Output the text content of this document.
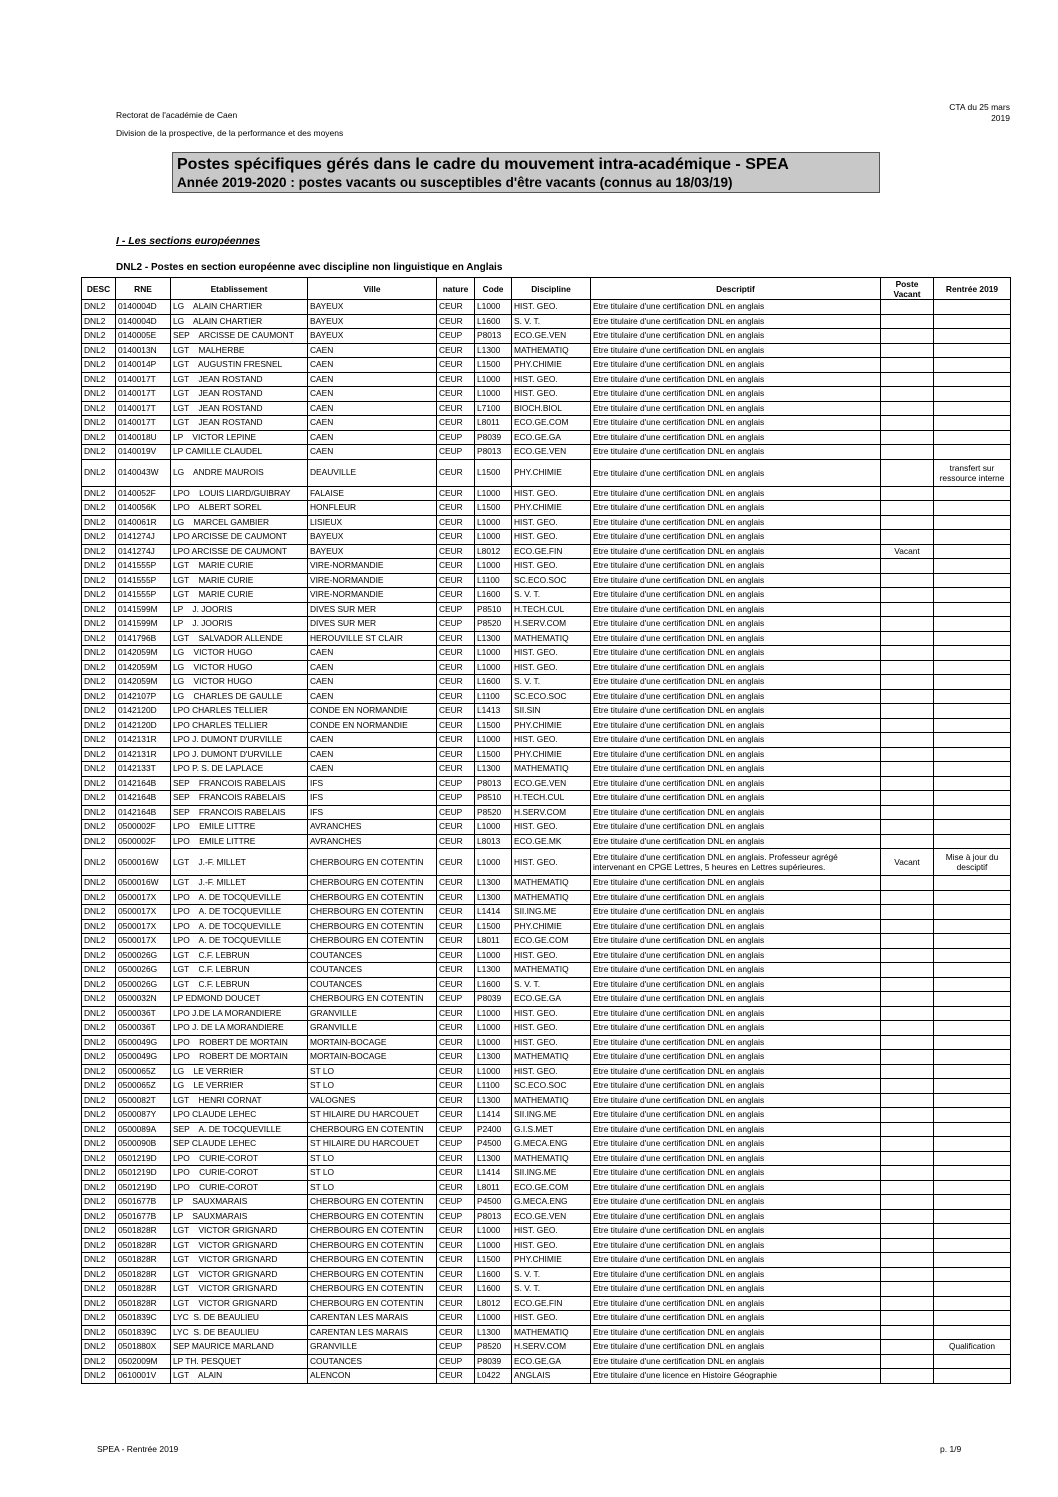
Rectorat de l'académie de Caen
Division de la prospective, de la performance et des moyens
CTA du 25 mars
2019
Postes spécifiques gérés dans le cadre du mouvement intra-académique - SPEA
Année 2019-2020 : postes vacants ou susceptibles d'être vacants (connus au 18/03/19)
I - Les sections européennes
DNL2 - Postes en section européenne avec discipline non linguistique en Anglais
DESC	RNE	Etablissement	Ville	nature	Code	Discipline	Descriptif	Poste Vacant	Rentrée 2019
DNL2	0140004D	LG    ALAIN CHARTIER	BAYEUX	CEUR	L1000	HIST. GEO.	Etre titulaire d'une certification DNL en anglais		
DNL2	0140004D	LG    ALAIN CHARTIER	BAYEUX	CEUR	L1600	S. V. T.	Etre titulaire d'une certification DNL en anglais		
DNL2	0140005E	SEP    ARCISSE DE CAUMONT	BAYEUX	CEUP	P8013	ECO.GE.VEN	Etre titulaire d'une certification DNL en anglais		
DNL2	0140013N	LGT    MALHERBE	CAEN	CEUR	L1300	MATHEMATIQ	Etre titulaire d'une certification DNL en anglais		
DNL2	0140014P	LGT    AUGUSTIN FRESNEL	CAEN	CEUR	L1500	PHY.CHIMIE	Etre titulaire d'une certification DNL en anglais		
DNL2	0140017T	LGT    JEAN ROSTAND	CAEN	CEUR	L1000	HIST. GEO.	Etre titulaire d'une certification DNL en anglais		
DNL2	0140017T	LGT    JEAN ROSTAND	CAEN	CEUR	L1000	HIST. GEO.	Etre titulaire d'une certification DNL en anglais		
DNL2	0140017T	LGT    JEAN ROSTAND	CAEN	CEUR	L7100	BIOCH.BIOL	Etre titulaire d'une certification DNL en anglais		
DNL2	0140017T	LGT    JEAN ROSTAND	CAEN	CEUR	L8011	ECO.GE.COM	Etre titulaire d'une certification DNL en anglais		
DNL2	0140018U	LP    VICTOR LEPINE	CAEN	CEUP	P8039	ECO.GE.GA	Etre titulaire d'une certification DNL en anglais		
DNL2	0140019V	LP CAMILLE CLAUDEL	CAEN	CEUP	P8013	ECO.GE.VEN	Etre titulaire d'une certification DNL en anglais		
DNL2	0140043W	LG    ANDRE MAUROIS	DEAUVILLE	CEUR	L1500	PHY.CHIMIE	Etre titulaire d'une certification DNL en anglais		transfert sur ressource interne
DNL2	0140052F	LPO    LOUIS LIARD/GUIBRAY	FALAISE	CEUR	L1000	HIST. GEO.	Etre titulaire d'une certification DNL en anglais		
DNL2	0140056K	LPO    ALBERT SOREL	HONFLEUR	CEUR	L1500	PHY.CHIMIE	Etre titulaire d'une certification DNL en anglais		
DNL2	0140061R	LG    MARCEL GAMBIER	LISIEUX	CEUR	L1000	HIST. GEO.	Etre titulaire d'une certification DNL en anglais		
DNL2	0141274J	LPO ARCISSE DE CAUMONT	BAYEUX	CEUR	L1000	HIST. GEO.	Etre titulaire d'une certification DNL en anglais		
DNL2	0141274J	LPO ARCISSE DE CAUMONT	BAYEUX	CEUR	L8012	ECO.GE.FIN	Etre titulaire d'une certification DNL en anglais	Vacant	
DNL2	0141555P	LGT    MARIE CURIE	VIRE-NORMANDIE	CEUR	L1000	HIST. GEO.	Etre titulaire d'une certification DNL en anglais		
DNL2	0141555P	LGT    MARIE CURIE	VIRE-NORMANDIE	CEUR	L1100	SC.ECO.SOC	Etre titulaire d'une certification DNL en anglais		
DNL2	0141555P	LGT    MARIE CURIE	VIRE-NORMANDIE	CEUR	L1600	S. V. T.	Etre titulaire d'une certification DNL en anglais		
DNL2	0141599M	LP    J. JOORIS	DIVES SUR MER	CEUP	P8510	H.TECH.CUL	Etre titulaire d'une certification DNL en anglais		
DNL2	0141599M	LP    J. JOORIS	DIVES SUR MER	CEUP	P8520	H.SERV.COM	Etre titulaire d'une certification DNL en anglais		
DNL2	0141796B	LGT    SALVADOR ALLENDE	HEROUVILLE ST CLAIR	CEUR	L1300	MATHEMATIQ	Etre titulaire d'une certification DNL en anglais		
DNL2	0142059M	LG    VICTOR HUGO	CAEN	CEUR	L1000	HIST. GEO.	Etre titulaire d'une certification DNL en anglais		
DNL2	0142059M	LG    VICTOR HUGO	CAEN	CEUR	L1000	HIST. GEO.	Etre titulaire d'une certification DNL en anglais		
DNL2	0142059M	LG    VICTOR HUGO	CAEN	CEUR	L1600	S. V. T.	Etre titulaire d'une certification DNL en anglais		
DNL2	0142107P	LG    CHARLES DE GAULLE	CAEN	CEUR	L1100	SC.ECO.SOC	Etre titulaire d'une certification DNL en anglais		
DNL2	0142120D	LPO CHARLES TELLIER	CONDE EN NORMANDIE	CEUR	L1413	SII.SIN	Etre titulaire d'une certification DNL en anglais		
DNL2	0142120D	LPO CHARLES TELLIER	CONDE EN NORMANDIE	CEUR	L1500	PHY.CHIMIE	Etre titulaire d'une certification DNL en anglais		
DNL2	0142131R	LPO J. DUMONT D'URVILLE	CAEN	CEUR	L1000	HIST. GEO.	Etre titulaire d'une certification DNL en anglais		
DNL2	0142131R	LPO J. DUMONT D'URVILLE	CAEN	CEUR	L1500	PHY.CHIMIE	Etre titulaire d'une certification DNL en anglais		
DNL2	0142133T	LPO P. S. DE LAPLACE	CAEN	CEUR	L1300	MATHEMATIQ	Etre titulaire d'une certification DNL en anglais		
DNL2	0142164B	SEP    FRANCOIS RABELAIS	IFS	CEUP	P8013	ECO.GE.VEN	Etre titulaire d'une certification DNL en anglais		
DNL2	0142164B	SEP    FRANCOIS RABELAIS	IFS	CEUP	P8510	H.TECH.CUL	Etre titulaire d'une certification DNL en anglais		
DNL2	0142164B	SEP    FRANCOIS RABELAIS	IFS	CEUP	P8520	H.SERV.COM	Etre titulaire d'une certification DNL en anglais		
DNL2	0500002F	LPO    EMILE LITTRE	AVRANCHES	CEUR	L1000	HIST. GEO.	Etre titulaire d'une certification DNL en anglais		
DNL2	0500002F	LPO    EMILE LITTRE	AVRANCHES	CEUR	L8013	ECO.GE.MK	Etre titulaire d'une certification DNL en anglais		
DNL2	0500016W	LGT    J.-F. MILLET	CHERBOURG EN COTENTIN	CEUR	L1000	HIST. GEO.	Etre titulaire d'une certification DNL en anglais. Professeur agrégé intervenant en CPGE Lettres, 5 heures en Lettres supérieures.	Vacant	Mise à jour du desciptif
DNL2	0500016W	LGT    J.-F. MILLET	CHERBOURG EN COTENTIN	CEUR	L1300	MATHEMATIQ	Etre titulaire d'une certification DNL en anglais		
DNL2	0500017X	LPO    A. DE TOCQUEVILLE	CHERBOURG EN COTENTIN	CEUR	L1300	MATHEMATIQ	Etre titulaire d'une certification DNL en anglais		
DNL2	0500017X	LPO    A. DE TOCQUEVILLE	CHERBOURG EN COTENTIN	CEUR	L1414	SII.ING.ME	Etre titulaire d'une certification DNL en anglais		
DNL2	0500017X	LPO    A. DE TOCQUEVILLE	CHERBOURG EN COTENTIN	CEUR	L1500	PHY.CHIMIE	Etre titulaire d'une certification DNL en anglais		
DNL2	0500017X	LPO    A. DE TOCQUEVILLE	CHERBOURG EN COTENTIN	CEUR	L8011	ECO.GE.COM	Etre titulaire d'une certification DNL en anglais		
DNL2	0500026G	LGT    C.F. LEBRUN	COUTANCES	CEUR	L1000	HIST. GEO.	Etre titulaire d'une certification DNL en anglais		
DNL2	0500026G	LGT    C.F. LEBRUN	COUTANCES	CEUR	L1300	MATHEMATIQ	Etre titulaire d'une certification DNL en anglais		
DNL2	0500026G	LGT    C.F. LEBRUN	COUTANCES	CEUR	L1600	S. V. T.	Etre titulaire d'une certification DNL en anglais		
DNL2	0500032N	LP EDMOND DOUCET	CHERBOURG EN COTENTIN	CEUP	P8039	ECO.GE.GA	Etre titulaire d'une certification DNL en anglais		
DNL2	0500036T	LPO J.DE LA MORANDIERE	GRANVILLE	CEUR	L1000	HIST. GEO.	Etre titulaire d'une certification DNL en anglais		
DNL2	0500036T	LPO J. DE LA MORANDIERE	GRANVILLE	CEUR	L1000	HIST. GEO.	Etre titulaire d'une certification DNL en anglais		
DNL2	0500049G	LPO    ROBERT DE MORTAIN	MORTAIN-BOCAGE	CEUR	L1000	HIST. GEO.	Etre titulaire d'une certification DNL en anglais		
DNL2	0500049G	LPO    ROBERT DE MORTAIN	MORTAIN-BOCAGE	CEUR	L1300	MATHEMATIQ	Etre titulaire d'une certification DNL en anglais		
DNL2	0500065Z	LG    LE VERRIER	ST LO	CEUR	L1000	HIST. GEO.	Etre titulaire d'une certification DNL en anglais		
DNL2	0500065Z	LG    LE VERRIER	ST LO	CEUR	L1100	SC.ECO.SOC	Etre titulaire d'une certification DNL en anglais		
DNL2	0500082T	LGT    HENRI CORNAT	VALOGNES	CEUR	L1300	MATHEMATIQ	Etre titulaire d'une certification DNL en anglais		
DNL2	0500087Y	LPO CLAUDE LEHEC	ST HILAIRE DU HARCOUET	CEUR	L1414	SII.ING.ME	Etre titulaire d'une certification DNL en anglais		
DNL2	0500089A	SEP    A. DE TOCQUEVILLE	CHERBOURG EN COTENTIN	CEUP	P2400	G.I.S.MET	Etre titulaire d'une certification DNL en anglais		
DNL2	0500090B	SEP CLAUDE LEHEC	ST HILAIRE DU HARCOUET	CEUP	P4500	G.MECA.ENG	Etre titulaire d'une certification DNL en anglais		
DNL2	0501219D	LPO    CURIE-COROT	ST LO	CEUR	L1300	MATHEMATIQ	Etre titulaire d'une certification DNL en anglais		
DNL2	0501219D	LPO    CURIE-COROT	ST LO	CEUR	L1414	SII.ING.ME	Etre titulaire d'une certification DNL en anglais		
DNL2	0501219D	LPO    CURIE-COROT	ST LO	CEUR	L8011	ECO.GE.COM	Etre titulaire d'une certification DNL en anglais		
DNL2	0501677B	LP    SAUXMARAIS	CHERBOURG EN COTENTIN	CEUP	P4500	G.MECA.ENG	Etre titulaire d'une certification DNL en anglais		
DNL2	0501677B	LP    SAUXMARAIS	CHERBOURG EN COTENTIN	CEUP	P8013	ECO.GE.VEN	Etre titulaire d'une certification DNL en anglais		
DNL2	0501828R	LGT    VICTOR GRIGNARD	CHERBOURG EN COTENTIN	CEUR	L1000	HIST. GEO.	Etre titulaire d'une certification DNL en anglais		
DNL2	0501828R	LGT    VICTOR GRIGNARD	CHERBOURG EN COTENTIN	CEUR	L1000	HIST. GEO.	Etre titulaire d'une certification DNL en anglais		
DNL2	0501828R	LGT    VICTOR GRIGNARD	CHERBOURG EN COTENTIN	CEUR	L1500	PHY.CHIMIE	Etre titulaire d'une certification DNL en anglais		
DNL2	0501828R	LGT    VICTOR GRIGNARD	CHERBOURG EN COTENTIN	CEUR	L1600	S. V. T.	Etre titulaire d'une certification DNL en anglais		
DNL2	0501828R	LGT    VICTOR GRIGNARD	CHERBOURG EN COTENTIN	CEUR	L1600	S. V. T.	Etre titulaire d'une certification DNL en anglais		
DNL2	0501828R	LGT    VICTOR GRIGNARD	CHERBOURG EN COTENTIN	CEUR	L8012	ECO.GE.FIN	Etre titulaire d'une certification DNL en anglais		
DNL2	0501839C	LYC  S. DE BEAULIEU	CARENTAN LES MARAIS	CEUR	L1000	HIST. GEO.	Etre titulaire d'une certification DNL en anglais		
DNL2	0501839C	LYC  S. DE BEAULIEU	CARENTAN LES MARAIS	CEUR	L1300	MATHEMATIQ	Etre titulaire d'une certification DNL en anglais		
DNL2	0501880X	SEP MAURICE MARLAND	GRANVILLE	CEUP	P8520	H.SERV.COM	Etre titulaire d'une certification DNL en anglais		Qualification
DNL2	0502009M	LP TH. PESQUET	COUTANCES	CEUP	P8039	ECO.GE.GA	Etre titulaire d'une certification DNL en anglais		
DNL2	0610001V	LGT    ALAIN	ALENCON	CEUR	L0422	ANGLAIS	Etre titulaire d'une licence en Histoire Géographie		
SPEA - Rentrée 2019	p. 1/9
